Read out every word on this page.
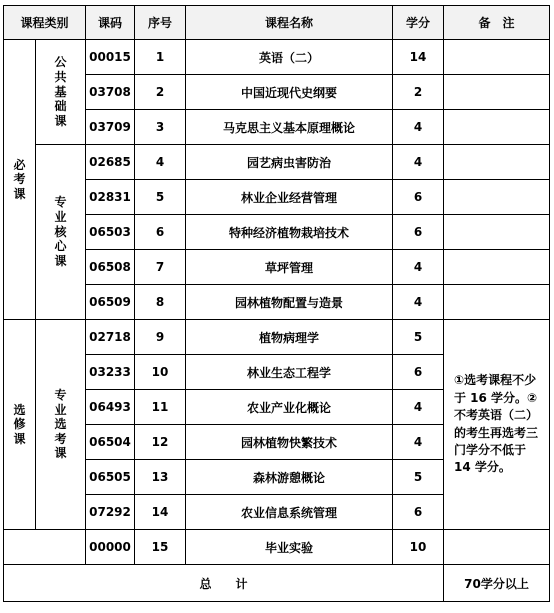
课程类别		课码	序号	课程名称	学分	备　注
必考课	公共基础课	00015	1	英语（二）	14	
		03708	2	中国近现代史纲要	2	
		03709	3	马克思主义基本原理概论	4	
	专业核心课	02685	4	园艺病虫害防治	4	
		02831	5	林业企业经营管理	6	
		06503	6	特种经济植物栽培技术	6	
		06508	7	草坪管理	4	
		06509	8	园林植物配置与造景	4	
选修课	专业选考课	02718	9	植物病理学	5	①选考课程不少于 16 学分。②不考英语（二）的考生再选考三门学分不低于 14 学分。
		03233	10	林业生态工程学	6	
		06493	11	农业产业化概论	4	
		06504	12	园林植物快繁技术	4	
		06505	13	森林游憩概论	5	
		07292	14	农业信息系统管理	6	
		00000	15	毕业实验	10	
总　　计						70学分以上
